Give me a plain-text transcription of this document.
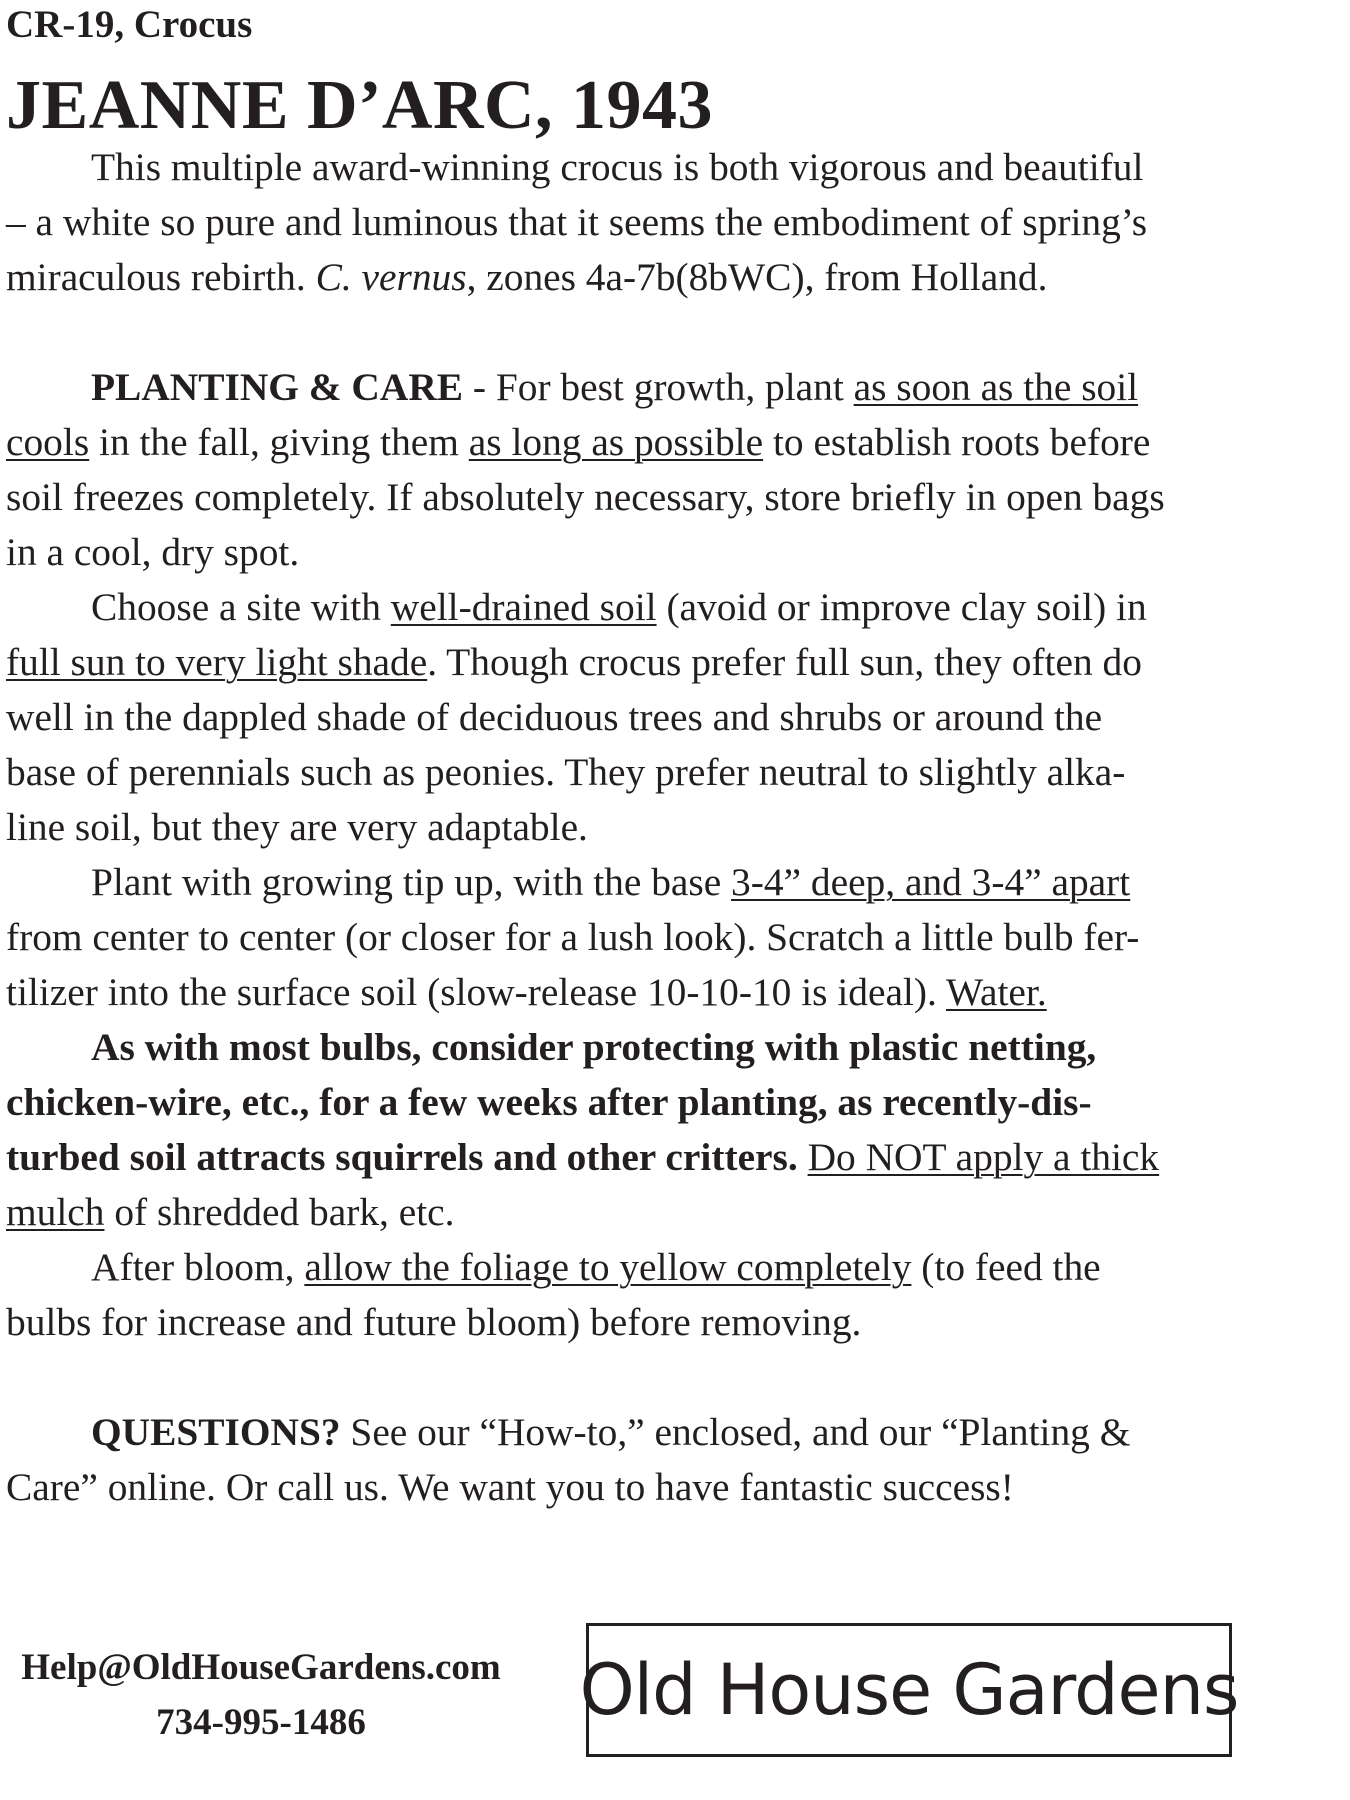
CR-19, Crocus
JEANNE D’ARC, 1943
This multiple award-winning crocus is both vigorous and beautiful
– a white so pure and luminous that it seems the embodiment of spring’s
miraculous rebirth. C. vernus, zones 4a-7b(8bWC), from Holland.
PLANTING & CARE - For best growth, plant as soon as the soil
cools in the fall, giving them as long as possible to establish roots before
soil freezes completely. If absolutely necessary, store briefly in open bags
in a cool, dry spot.
Choose a site with well-drained soil (avoid or improve clay soil) in
full sun to very light shade. Though crocus prefer full sun, they often do
well in the dappled shade of deciduous trees and shrubs or around the
base of perennials such as peonies. They prefer neutral to slightly alka-
line soil, but they are very adaptable.
Plant with growing tip up, with the base 3-4” deep, and 3-4” apart
from center to center (or closer for a lush look). Scratch a little bulb fer-
tilizer into the surface soil (slow-release 10-10-10 is ideal). Water.
As with most bulbs, consider protecting with plastic netting,
chicken-wire, etc., for a few weeks after planting, as recently-dis-
turbed soil attracts squirrels and other critters. Do NOT apply a thick
mulch of shredded bark, etc.
After bloom, allow the foliage to yellow completely (to feed the
bulbs for increase and future bloom) before removing.
QUESTIONS? See our “How-to,” enclosed, and our “Planting &
Care” online. Or call us. We want you to have fantastic success!
Help@OldHouseGardens.com
734-995-1486	Old House Gardens
